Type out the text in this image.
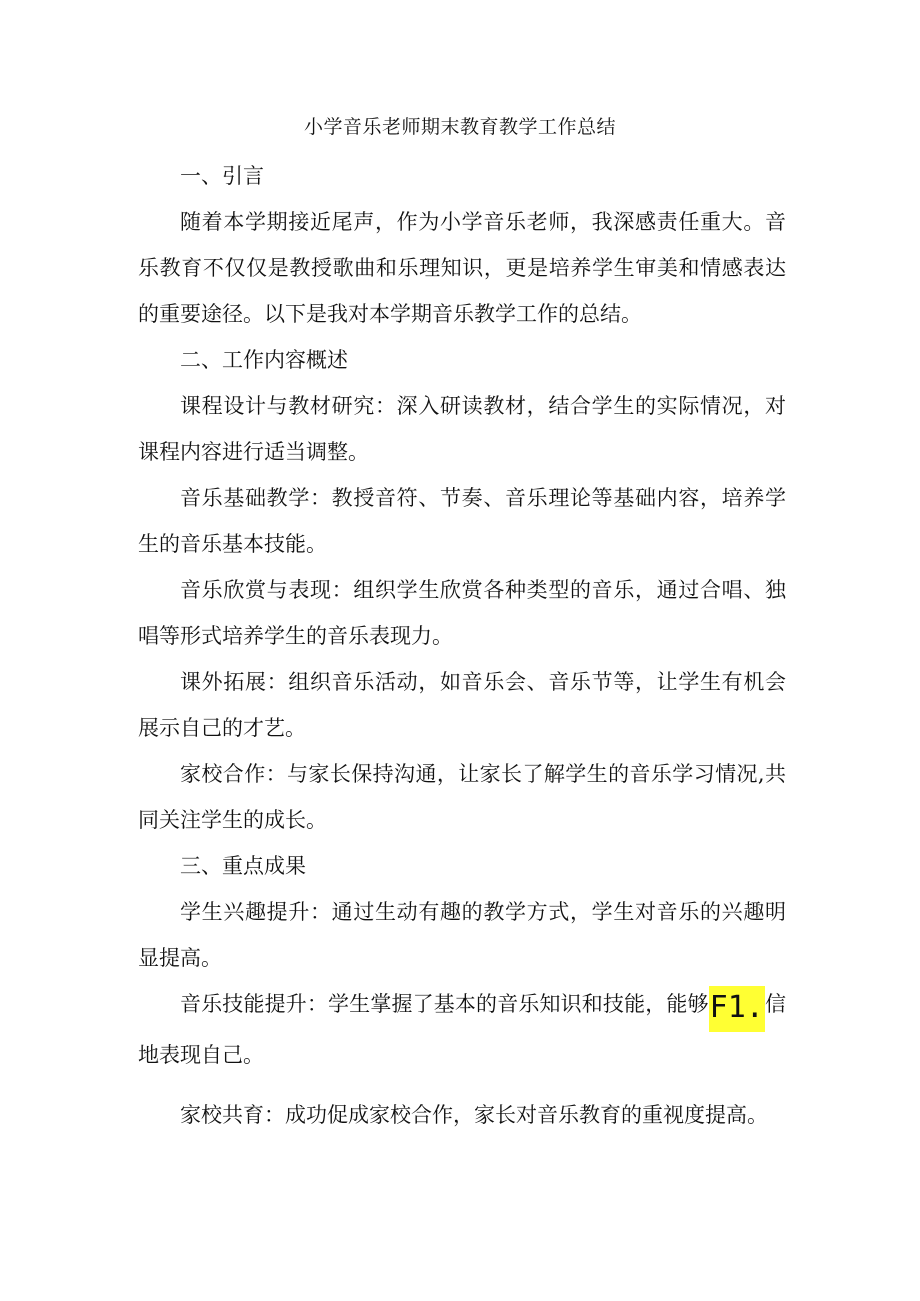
小学音乐老师期末教育教学工作总结

一、引言

随着本学期接近尾声，作为小学音乐老师，我深感责任重大。音乐教育不仅仅是教授歌曲和乐理知识，更是培养学生审美和情感表达的重要途径。以下是我对本学期音乐教学工作的总结。

二、工作内容概述

课程设计与教材研究：深入研读教材，结合学生的实际情况，对课程内容进行适当调整。

音乐基础教学：教授音符、节奏、音乐理论等基础内容，培养学生的音乐基本技能。

音乐欣赏与表现：组织学生欣赏各种类型的音乐，通过合唱、独唱等形式培养学生的音乐表现力。

课外拓展：组织音乐活动，如音乐会、音乐节等，让学生有机会展示自己的才艺。

家校合作：与家长保持沟通，让家长了解学生的音乐学习情况,共同关注学生的成长。

三、重点成果

学生兴趣提升：通过生动有趣的教学方式，学生对音乐的兴趣明显提高。

音乐技能提升：学生掌握了基本的音乐知识和技能，能够F1.信地表现自己。

家校共育：成功促成家校合作，家长对音乐教育的重视度提高。
